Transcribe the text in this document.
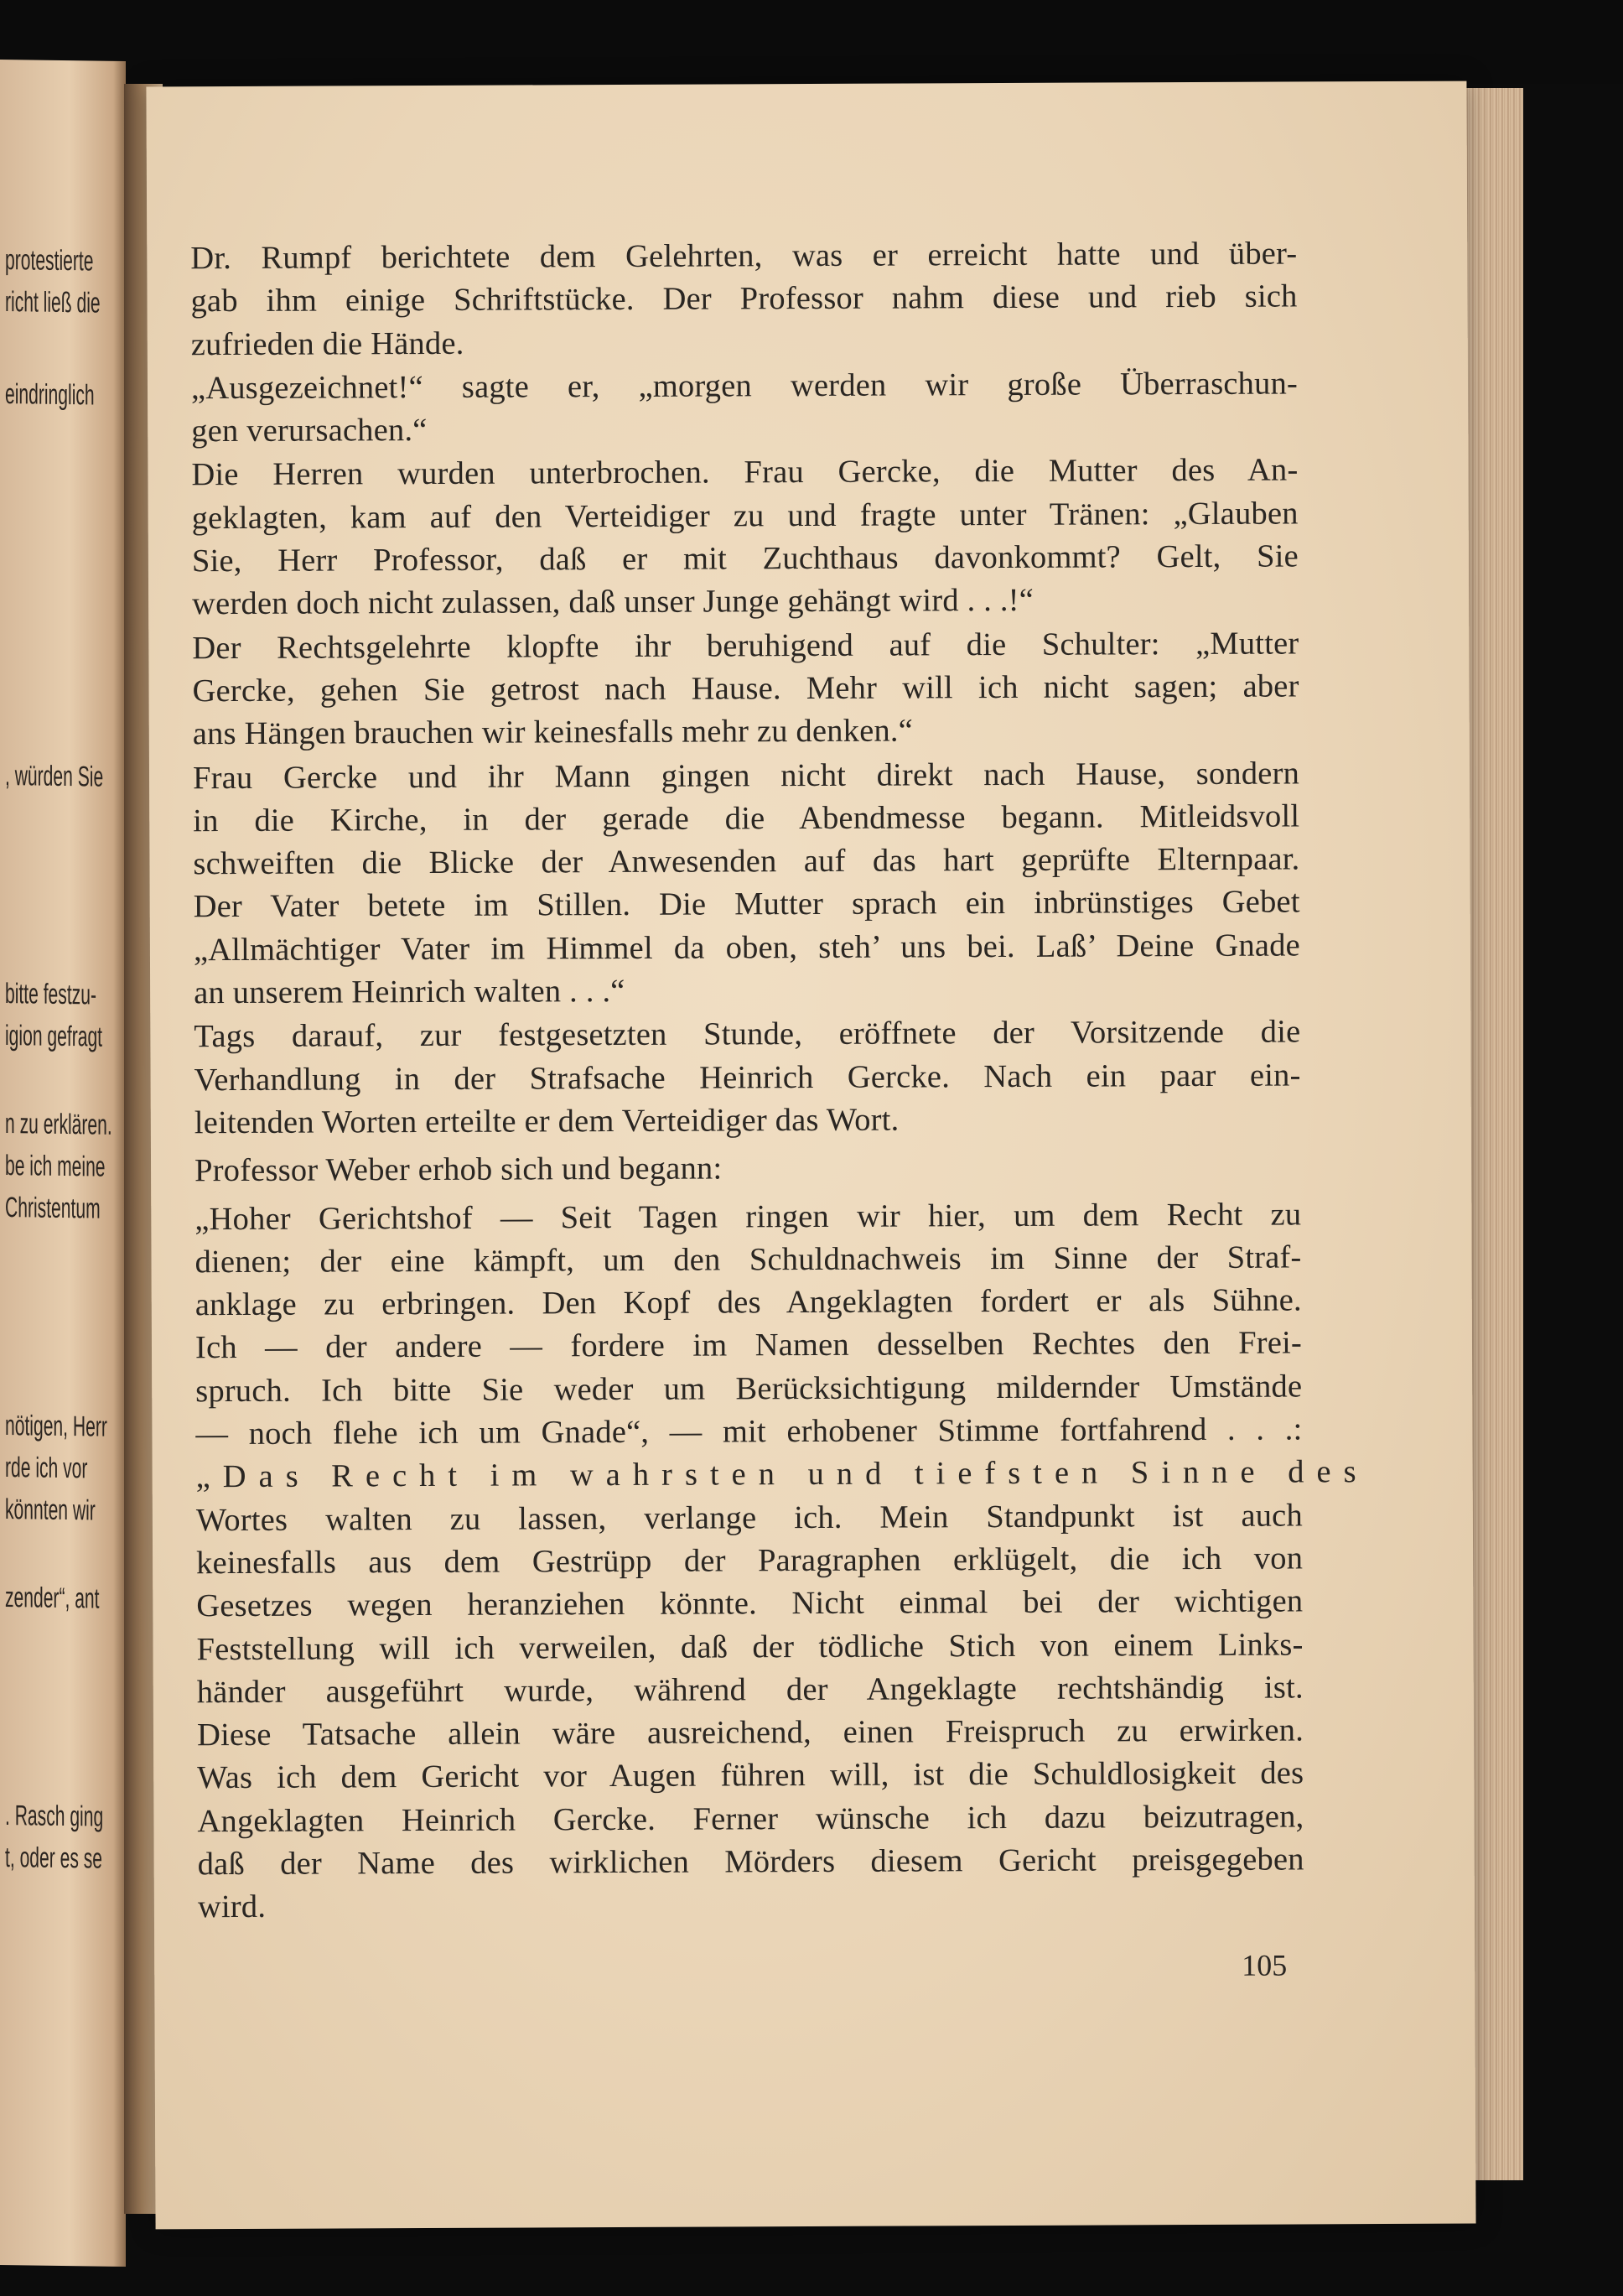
protestierte
richt ließ die
eindringlich
, würden Sie
bitte festzu-
igion gefragt
n zu erklären.
be ich meine
Christentum
nötigen, Herr
rde ich vor
könnten wir
zender“, ant
. Rasch ging
t, oder es se

Dr. Rumpf berichtete dem Gelehrten, was er erreicht hatte und über-
gab ihm einige Schriftstücke. Der Professor nahm diese und rieb sich
zufrieden die Hände.

„Ausgezeichnet!“ sagte er, „morgen werden wir große Überraschun-
gen verursachen.“

Die Herren wurden unterbrochen. Frau Gercke, die Mutter des An-
geklagten, kam auf den Verteidiger zu und fragte unter Tränen: „Glauben
Sie, Herr Professor, daß er mit Zuchthaus davonkommt? Gelt, Sie
werden doch nicht zulassen, daß unser Junge gehängt wird . . .!“

Der Rechtsgelehrte klopfte ihr beruhigend auf die Schulter: „Mutter
Gercke, gehen Sie getrost nach Hause. Mehr will ich nicht sagen; aber
ans Hängen brauchen wir keinesfalls mehr zu denken.“

Frau Gercke und ihr Mann gingen nicht direkt nach Hause, sondern
in die Kirche, in der gerade die Abendmesse begann. Mitleidsvoll
schweiften die Blicke der Anwesenden auf das hart geprüfte Elternpaar.
Der Vater betete im Stillen. Die Mutter sprach ein inbrünstiges Gebet
„Allmächtiger Vater im Himmel da oben, steh’ uns bei. Laß’ Deine Gnade
an unserem Heinrich walten . . .“

Tags darauf, zur festgesetzten Stunde, eröffnete der Vorsitzende die
Verhandlung in der Strafsache Heinrich Gercke. Nach ein paar ein-
leitenden Worten erteilte er dem Verteidiger das Wort.

Professor Weber erhob sich und begann:

„Hoher Gerichtshof — Seit Tagen ringen wir hier, um dem Recht zu
dienen; der eine kämpft, um den Schuldnachweis im Sinne der Straf-
anklage zu erbringen. Den Kopf des Angeklagten fordert er als Sühne.
Ich — der andere — fordere im Namen desselben Rechtes den Frei-
spruch. Ich bitte Sie weder um Berücksichtigung mildernder Umstände
— noch flehe ich um Gnade“, — mit erhobener Stimme fortfahrend . . .:
„Das Recht im wahrsten und tiefsten Sinne des
Wortes walten zu lassen, verlange ich. Mein Standpunkt ist auch
keinesfalls aus dem Gestrüpp der Paragraphen erklügelt, die ich von
Gesetzes wegen heranziehen könnte. Nicht einmal bei der wichtigen
Feststellung will ich verweilen, daß der tödliche Stich von einem Links-
händer ausgeführt wurde, während der Angeklagte rechtshändig ist.
Diese Tatsache allein wäre ausreichend, einen Freispruch zu erwirken.
Was ich dem Gericht vor Augen führen will, ist die Schuldlosigkeit des
Angeklagten Heinrich Gercke. Ferner wünsche ich dazu beizutragen,
daß der Name des wirklichen Mörders diesem Gericht preisgegeben
wird.

105
